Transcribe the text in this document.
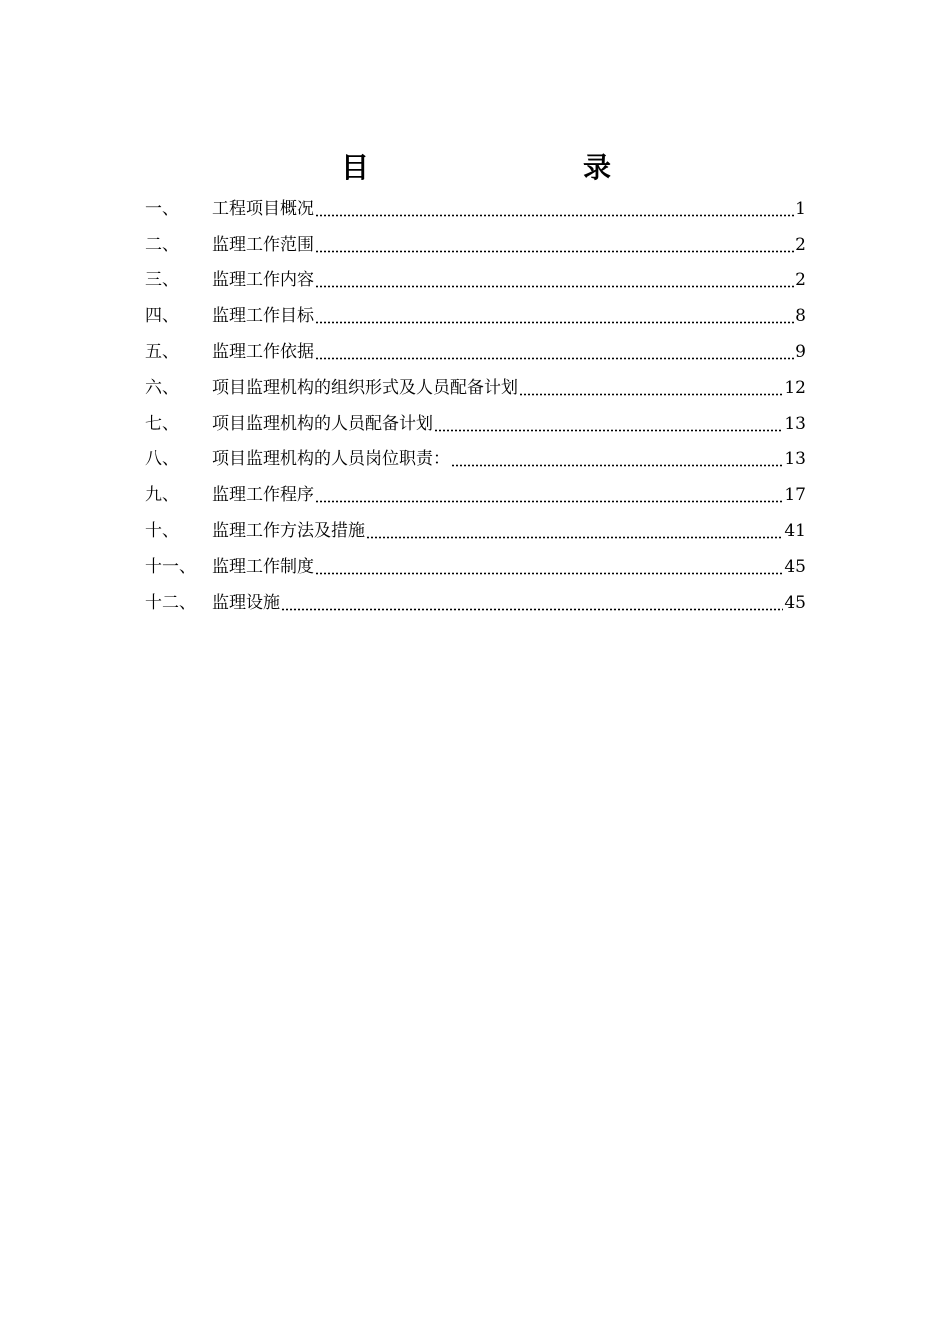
目	录
一、	工程项目概况	1
二、	监理工作范围	2
三、	监理工作内容	2
四、	监理工作目标	8
五、	监理工作依据	9
六、	项目监理机构的组织形式及人员配备计划	12
七、	项目监理机构的人员配备计划	13
八、	项目监理机构的人员岗位职责：	13
九、	监理工作程序	17
十、	监理工作方法及措施	41
十一、 监理工作制度	45
十二、 监理设施	45
